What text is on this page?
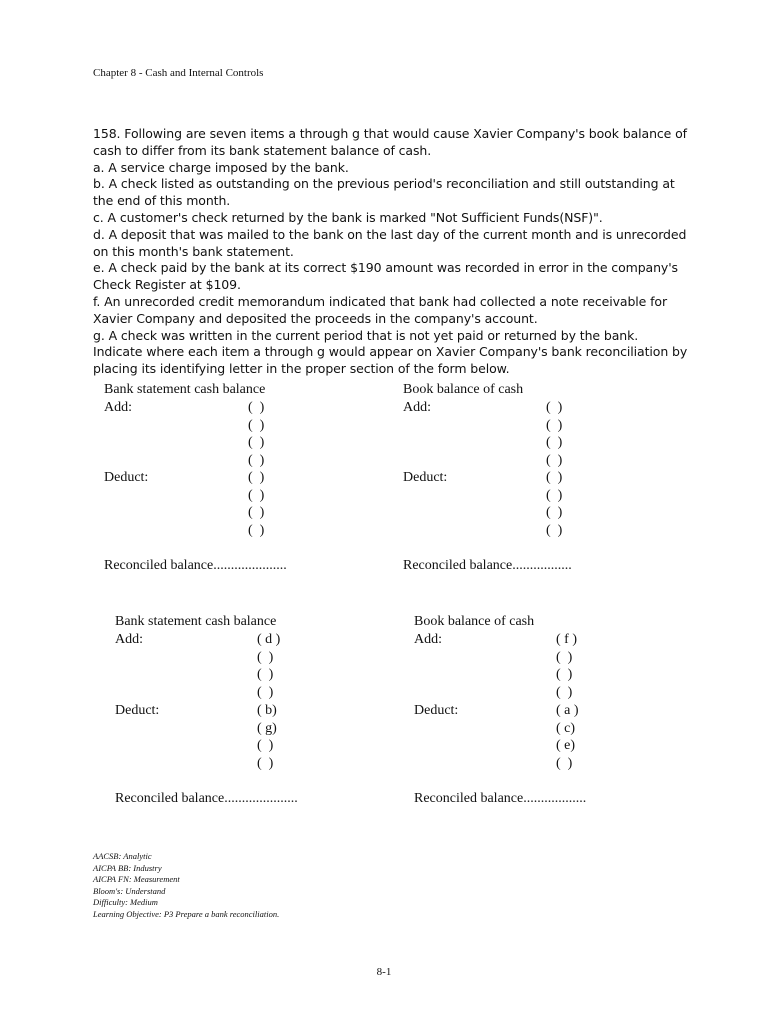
Chapter 8 - Cash and Internal Controls

158. Following are seven items a through g that would cause Xavier Company's book balance of cash to differ from its bank statement balance of cash.

a. A service charge imposed by the bank.

b. A check listed as outstanding on the previous period's reconciliation and still outstanding at the end of this month.

c. A customer's check returned by the bank is marked "Not Sufficient Funds(NSF)".

d. A deposit that was mailed to the bank on the last day of the current month and is unrecorded on this month's bank statement.

e. A check paid by the bank at its correct $190 amount was recorded in error in the company's Check Register at $109.

f. An unrecorded credit memorandum indicated that bank had collected a note receivable for Xavier Company and deposited the proceeds in the company's account.

g. A check was written in the current period that is not yet paid or returned by the bank.

Indicate where each item a through g would appear on Xavier Company's bank reconciliation by placing its identifying letter in the proper section of the form below.

Bank statement cash balance
Add:	(  )
(  )
(  )
(  )
Deduct:	(  )
(  )
(  )
(  )
Reconciled balance.....................
Book balance of cash
Add:	(  )
(  )
(  )
(  )
Deduct:	(  )
(  )
(  )
(  )
Reconciled balance.................
Bank statement cash balance
Add:	( d )
(  )
(  )
(  )
Deduct:	( b)
( g)
(  )
(  )
Reconciled balance.....................
Book balance of cash
Add:	( f )
(  )
(  )
(  )
Deduct:	( a )
( c)
( e)
(  )
Reconciled balance..................
AACSB: Analytic
AICPA BB: Industry
AICPA FN: Measurement
Bloom's: Understand
Difficulty: Medium
Learning Objective: P3 Prepare a bank reconciliation.
8-1
